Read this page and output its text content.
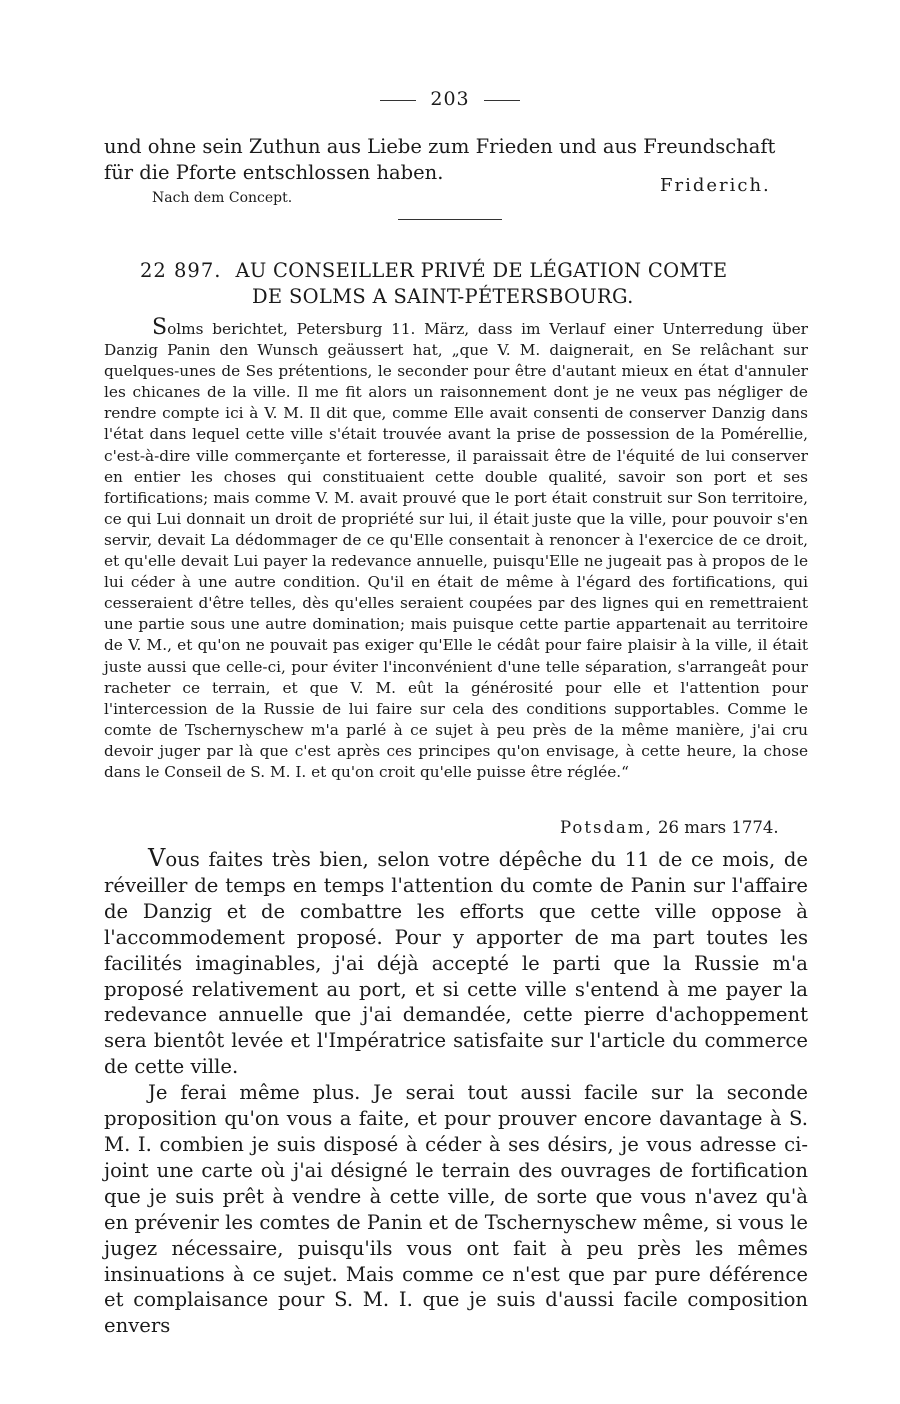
203
und ohne sein Zuthun aus Liebe zum Frieden und aus Freundschaft
für die Pforte entschlossen haben.
Nach dem Concept.
Friderich.
22 897. AU CONSEILLER PRIVÉ DE LÉGATION COMTE
DE SOLMS A SAINT-PÉTERSBOURG.

Solms berichtet, Petersburg 11. März, dass im Verlauf einer Unterredung über Danzig Panin den Wunsch geäussert hat, „que V. M. daignerait, en Se relâchant sur quelques-unes de Ses prétentions, le seconder pour être d'autant mieux en état d'annuler les chicanes de la ville. Il me fit alors un raisonnement dont je ne veux pas négliger de rendre compte ici à V. M. Il dit que, comme Elle avait consenti de conserver Danzig dans l'état dans lequel cette ville s'était trouvée avant la prise de possession de la Pomérellie, c'est-à-dire ville commerçante et forteresse, il paraissait être de l'équité de lui conserver en entier les choses qui constituaient cette double qualité, savoir son port et ses fortifications; mais comme V. M. avait prouvé que le port était construit sur Son territoire, ce qui Lui donnait un droit de propriété sur lui, il était juste que la ville, pour pouvoir s'en servir, devait La dédommager de ce qu'Elle consentait à renoncer à l'exercice de ce droit, et qu'elle devait Lui payer la redevance annuelle, puisqu'Elle ne jugeait pas à propos de le lui céder à une autre condition. Qu'il en était de même à l'égard des fortifications, qui cesseraient d'être telles, dès qu'elles seraient coupées par des lignes qui en remettraient une partie sous une autre domination; mais puisque cette partie appartenait au territoire de V. M., et qu'on ne pouvait pas exiger qu'Elle le cédât pour faire plaisir à la ville, il était juste aussi que celle-ci, pour éviter l'inconvénient d'une telle séparation, s'arrangeât pour racheter ce terrain, et que V. M. eût la générosité pour elle et l'attention pour l'intercession de la Russie de lui faire sur cela des conditions supportables. Comme le comte de Tschernyschew m'a parlé à ce sujet à peu près de la même manière, j'ai cru devoir juger par là que c'est après ces principes qu'on envisage, à cette heure, la chose dans le Conseil de S. M. I. et qu'on croit qu'elle puisse être réglée.“

Potsdam, 26 mars 1774.

Vous faites très bien, selon votre dépêche du 11 de ce mois, de réveiller de temps en temps l'attention du comte de Panin sur l'affaire de Danzig et de combattre les efforts que cette ville oppose à l'accommodement proposé. Pour y apporter de ma part toutes les facilités imaginables, j'ai déjà accepté le parti que la Russie m'a proposé relativement au port, et si cette ville s'entend à me payer la redevance annuelle que j'ai demandée, cette pierre d'achoppement sera bientôt levée et l'Impératrice satisfaite sur l'article du commerce de cette ville.

Je ferai même plus. Je serai tout aussi facile sur la seconde proposition qu'on vous a faite, et pour prouver encore davantage à S. M. I. combien je suis disposé à céder à ses désirs, je vous adresse ci-joint une carte où j'ai désigné le terrain des ouvrages de fortification que je suis prêt à vendre à cette ville, de sorte que vous n'avez qu'à en prévenir les comtes de Panin et de Tschernyschew même, si vous le jugez nécessaire, puisqu'ils vous ont fait à peu près les mêmes insinuations à ce sujet. Mais comme ce n'est que par pure déférence et complaisance pour S. M. I. que je suis d'aussi facile composition envers
